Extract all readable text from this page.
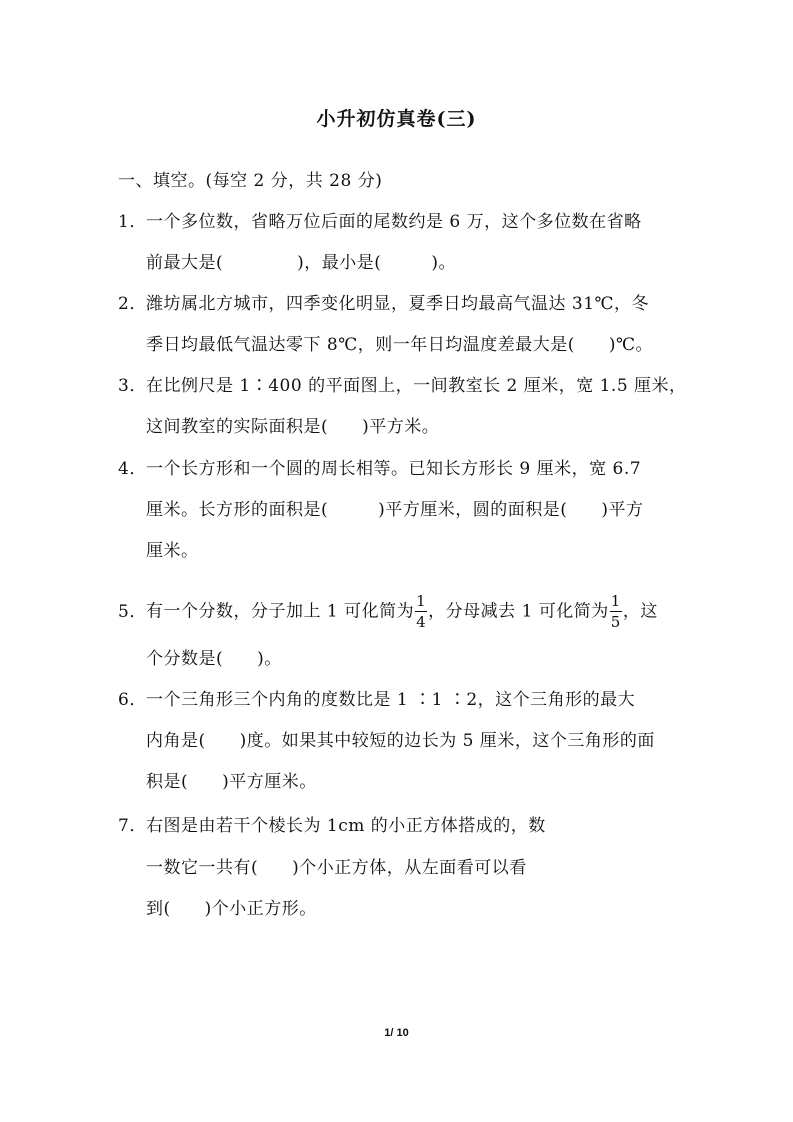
小升初仿真卷(三)
一、填空。(每空 2 分，共 28 分)
1．一个多位数，省略万位后面的尾数约是 6 万，这个多位数在省略
前最大是(	)，最小是(	)。
2．潍坊属北方城市，四季变化明显，夏季日均最高气温达 31℃，冬
季日均最低气温达零下 8℃，则一年日均温度差最大是( )℃。
3．在比例尺是 1∶400 的平面图上，一间教室长 2 厘米，宽 1.5 厘米，
这间教室的实际面积是( )平方米。
4．一个长方形和一个圆的周长相等。已知长方形长 9 厘米，宽 6.7
厘米。长方形的面积是(	)平方厘米，圆的面积是( )平方
厘米。
5．有一个分数，分子加上 1 可化简为 $\frac{1}{4}$ ，分母减去 1 可化简为 $\frac{1}{5}$ ，这
个分数是( )。
6．一个三角形三个内角的度数比是 1 ∶1 ∶2，这个三角形的最大
内角是( )度。如果其中较短的边长为 5 厘米，这个三角形的面
积是( )平方厘米。
7．右图是由若干个棱长为 1cm 的小正方体搭成的，数
一数它一共有( )个小正方体，从左面看可以看
到( )个小正方形。
1/ 10
